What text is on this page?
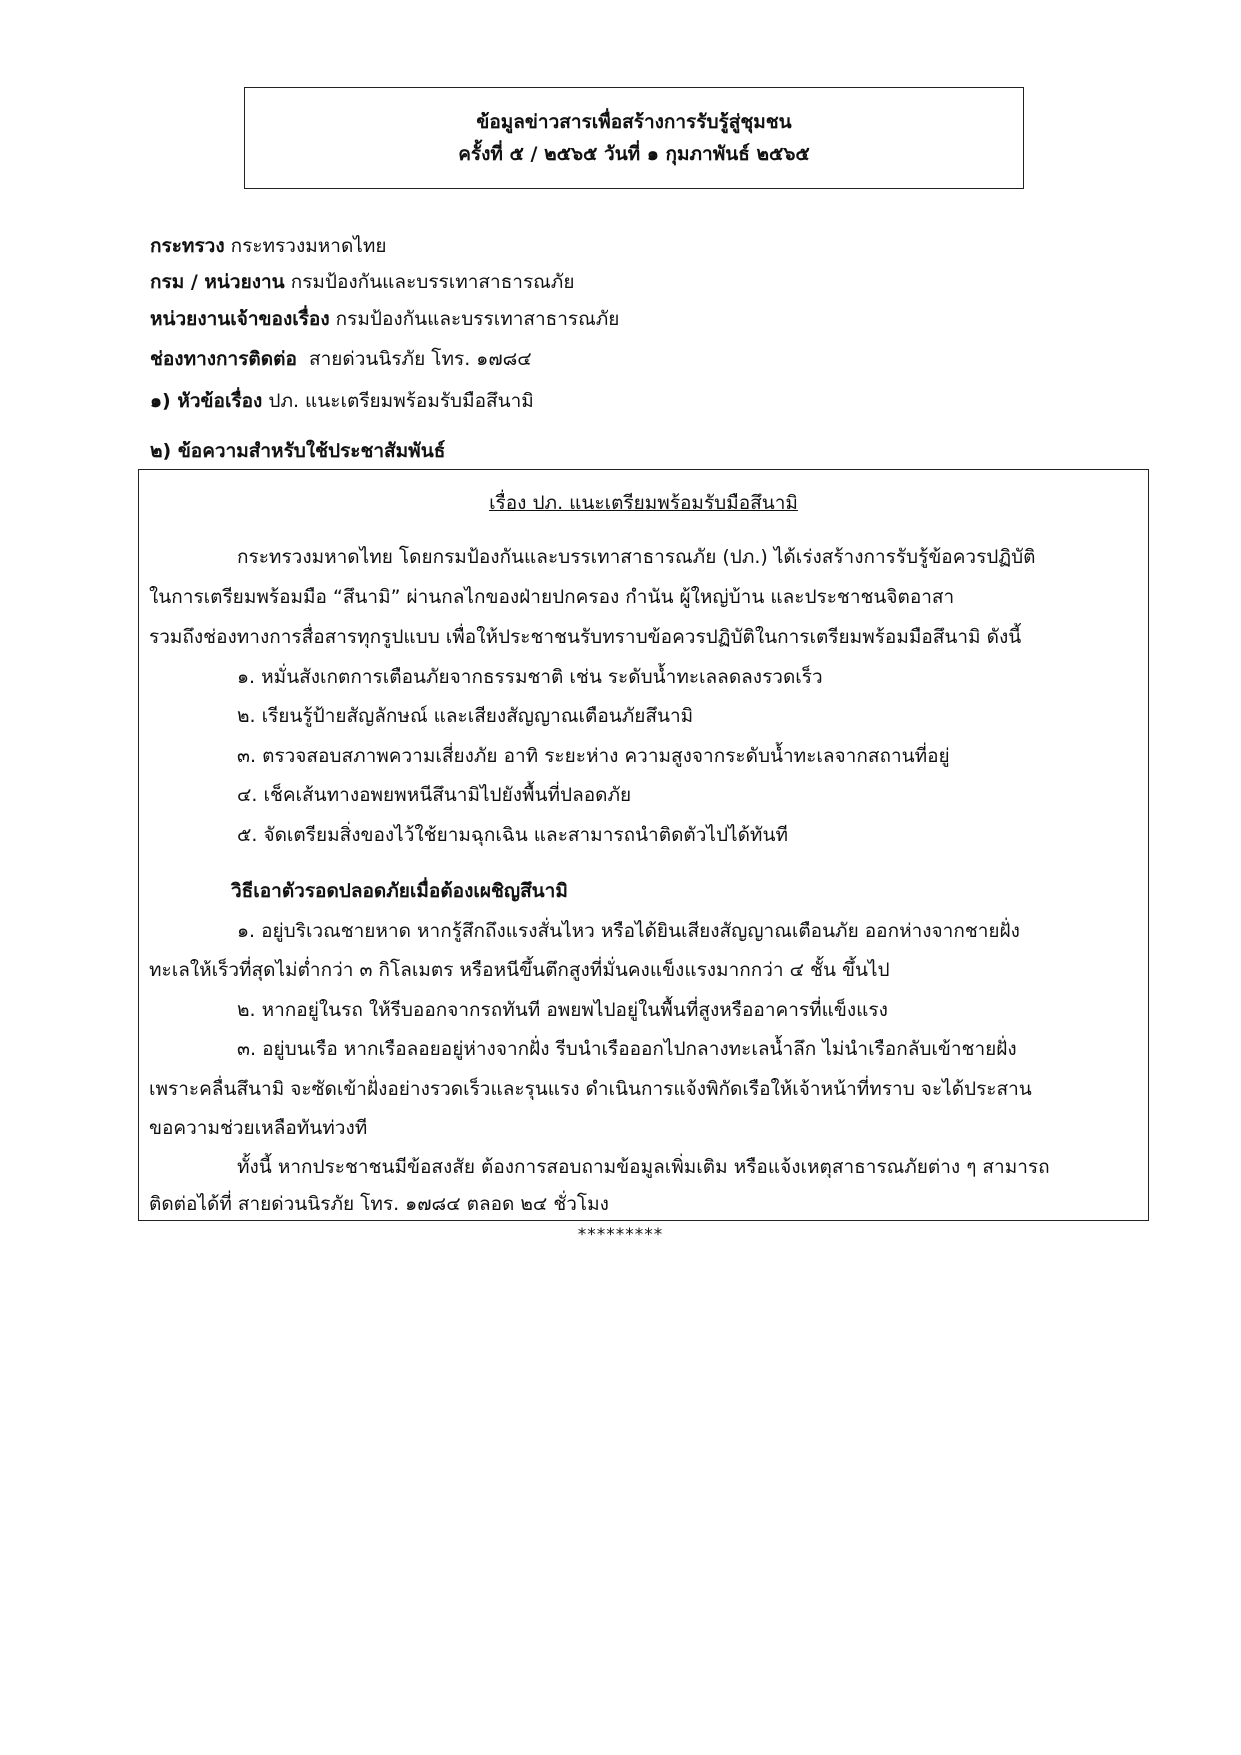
ข้อมูลข่าวสารเพื่อสร้างการรับรู้สู่ชุมชน
ครั้งที่ ๕ / ๒๕๖๕ วันที่ ๑ กุมภาพันธ์ ๒๕๖๕
กระทรวง กระทรวงมหาดไทย
กรม / หน่วยงาน กรมป้องกันและบรรเทาสาธารณภัย
หน่วยงานเจ้าของเรื่อง กรมป้องกันและบรรเทาสาธารณภัย
ช่องทางการติดต่อ สายด่วนนิรภัย โทร. ๑๗๘๔
๑) หัวข้อเรื่อง ปภ. แนะเตรียมพร้อมรับมือสึนามิ
๒) ข้อความสำหรับใช้ประชาสัมพันธ์
เรื่อง ปภ. แนะเตรียมพร้อมรับมือสึนามิ
กระทรวงมหาดไทย โดยกรมป้องกันและบรรเทาสาธารณภัย (ปภ.) ได้เร่งสร้างการรับรู้ข้อควรปฏิบัติ
ในการเตรียมพร้อมมือ “สึนามิ” ผ่านกลไกของฝ่ายปกครอง กำนัน ผู้ใหญ่บ้าน และประชาชนจิตอาสา
รวมถึงช่องทางการสื่อสารทุกรูปแบบ เพื่อให้ประชาชนรับทราบข้อควรปฏิบัติในการเตรียมพร้อมมือสึนามิ ดังนี้
๑. หมั่นสังเกตการเตือนภัยจากธรรมชาติ เช่น ระดับน้ำทะเลลดลงรวดเร็ว
๒. เรียนรู้ป้ายสัญลักษณ์ และเสียงสัญญาณเตือนภัยสึนามิ
๓. ตรวจสอบสภาพความเสี่ยงภัย อาทิ ระยะห่าง ความสูงจากระดับน้ำทะเลจากสถานที่อยู่
๔. เช็คเส้นทางอพยพหนีสึนามิไปยังพื้นที่ปลอดภัย
๕. จัดเตรียมสิ่งของไว้ใช้ยามฉุกเฉิน และสามารถนำติดตัวไปได้ทันที
วิธีเอาตัวรอดปลอดภัยเมื่อต้องเผชิญสึนามิ
๑. อยู่บริเวณชายหาด หากรู้สึกถึงแรงสั่นไหว หรือได้ยินเสียงสัญญาณเตือนภัย ออกห่างจากชายฝั่ง
ทะเลให้เร็วที่สุดไม่ต่ำกว่า ๓ กิโลเมตร หรือหนีขึ้นตึกสูงที่มั่นคงแข็งแรงมากกว่า ๔ ชั้น ขึ้นไป
๒. หากอยู่ในรถ ให้รีบออกจากรถทันที อพยพไปอยู่ในพื้นที่สูงหรืออาคารที่แข็งแรง
๓. อยู่บนเรือ หากเรือลอยอยู่ห่างจากฝั่ง รีบนำเรือออกไปกลางทะเลน้ำลึก ไม่นำเรือกลับเข้าชายฝั่ง
เพราะคลื่นสึนามิ จะซัดเข้าฝั่งอย่างรวดเร็วและรุนแรง ดำเนินการแจ้งพิกัดเรือให้เจ้าหน้าที่ทราบ จะได้ประสาน
ขอความช่วยเหลือทันท่วงที
ทั้งนี้ หากประชาชนมีข้อสงสัย ต้องการสอบถามข้อมูลเพิ่มเติม หรือแจ้งเหตุสาธารณภัยต่าง ๆ สามารถ
ติดต่อได้ที่ สายด่วนนิรภัย โทร. ๑๗๘๔ ตลอด ๒๔ ชั่วโมง
*********
